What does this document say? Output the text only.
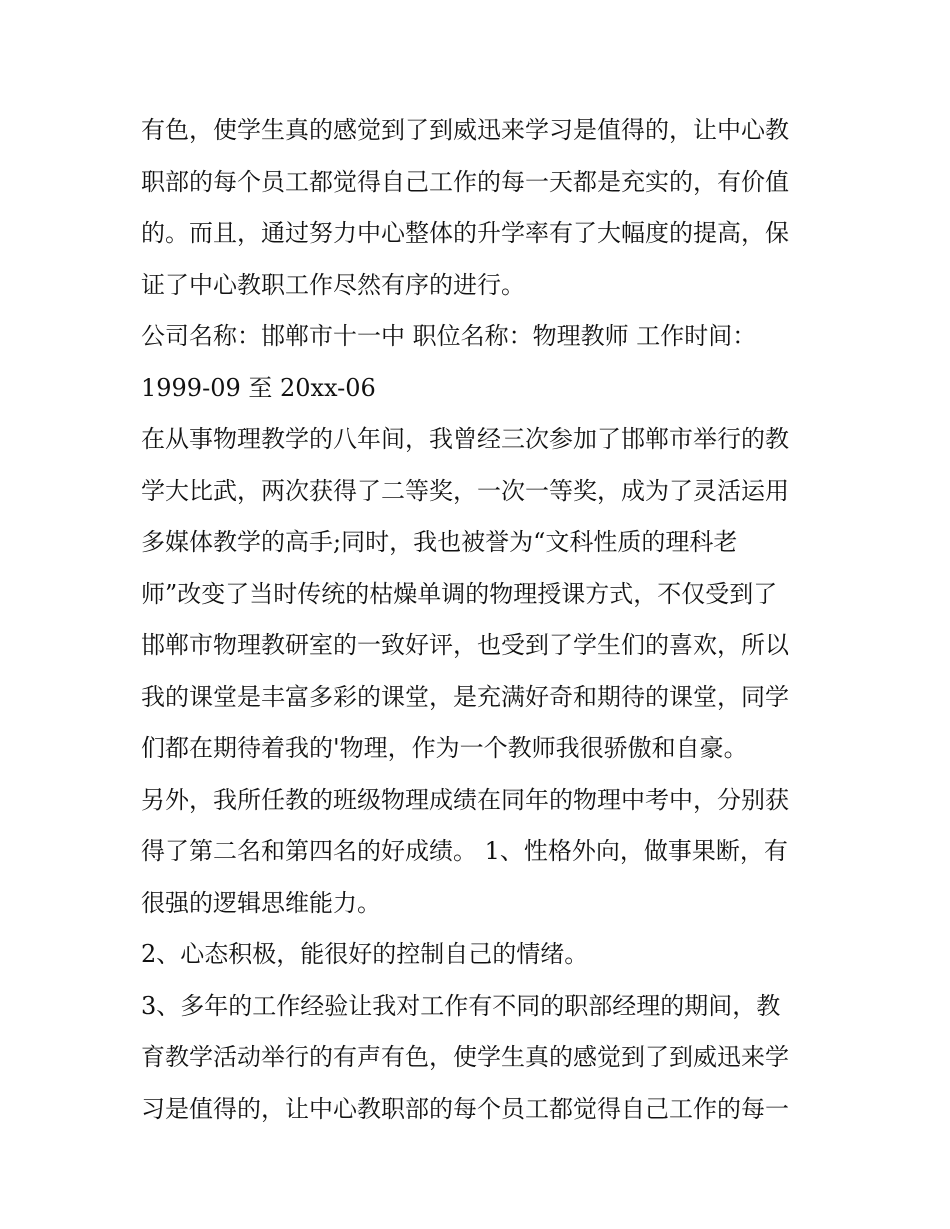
有色，使学生真的感觉到了到威迅来学习是值得的，让中心教
职部的每个员工都觉得自己工作的每一天都是充实的，有价值
的。而且，通过努力中心整体的升学率有了大幅度的提高，保
证了中心教职工作尽然有序的进行。
公司名称：邯郸市十一中 职位名称：物理教师 工作时间：
1999-09 至 20xx-06
在从事物理教学的八年间，我曾经三次参加了邯郸市举行的教
学大比武，两次获得了二等奖，一次一等奖，成为了灵活运用
多媒体教学的高手;同时，我也被誉为“文科性质的理科老
师”改变了当时传统的枯燥单调的物理授课方式，不仅受到了
邯郸市物理教研室的一致好评，也受到了学生们的喜欢，所以
我的课堂是丰富多彩的课堂，是充满好奇和期待的课堂，同学
们都在期待着我的'物理，作为一个教师我很骄傲和自豪。
另外，我所任教的班级物理成绩在同年的物理中考中，分别获
得了第二名和第四名的好成绩。 1、性格外向，做事果断，有
很强的逻辑思维能力。
2、心态积极，能很好的控制自己的情绪。
3、多年的工作经验让我对工作有不同的职部经理的期间，教
育教学活动举行的有声有色，使学生真的感觉到了到威迅来学
习是值得的，让中心教职部的每个员工都觉得自己工作的每一
